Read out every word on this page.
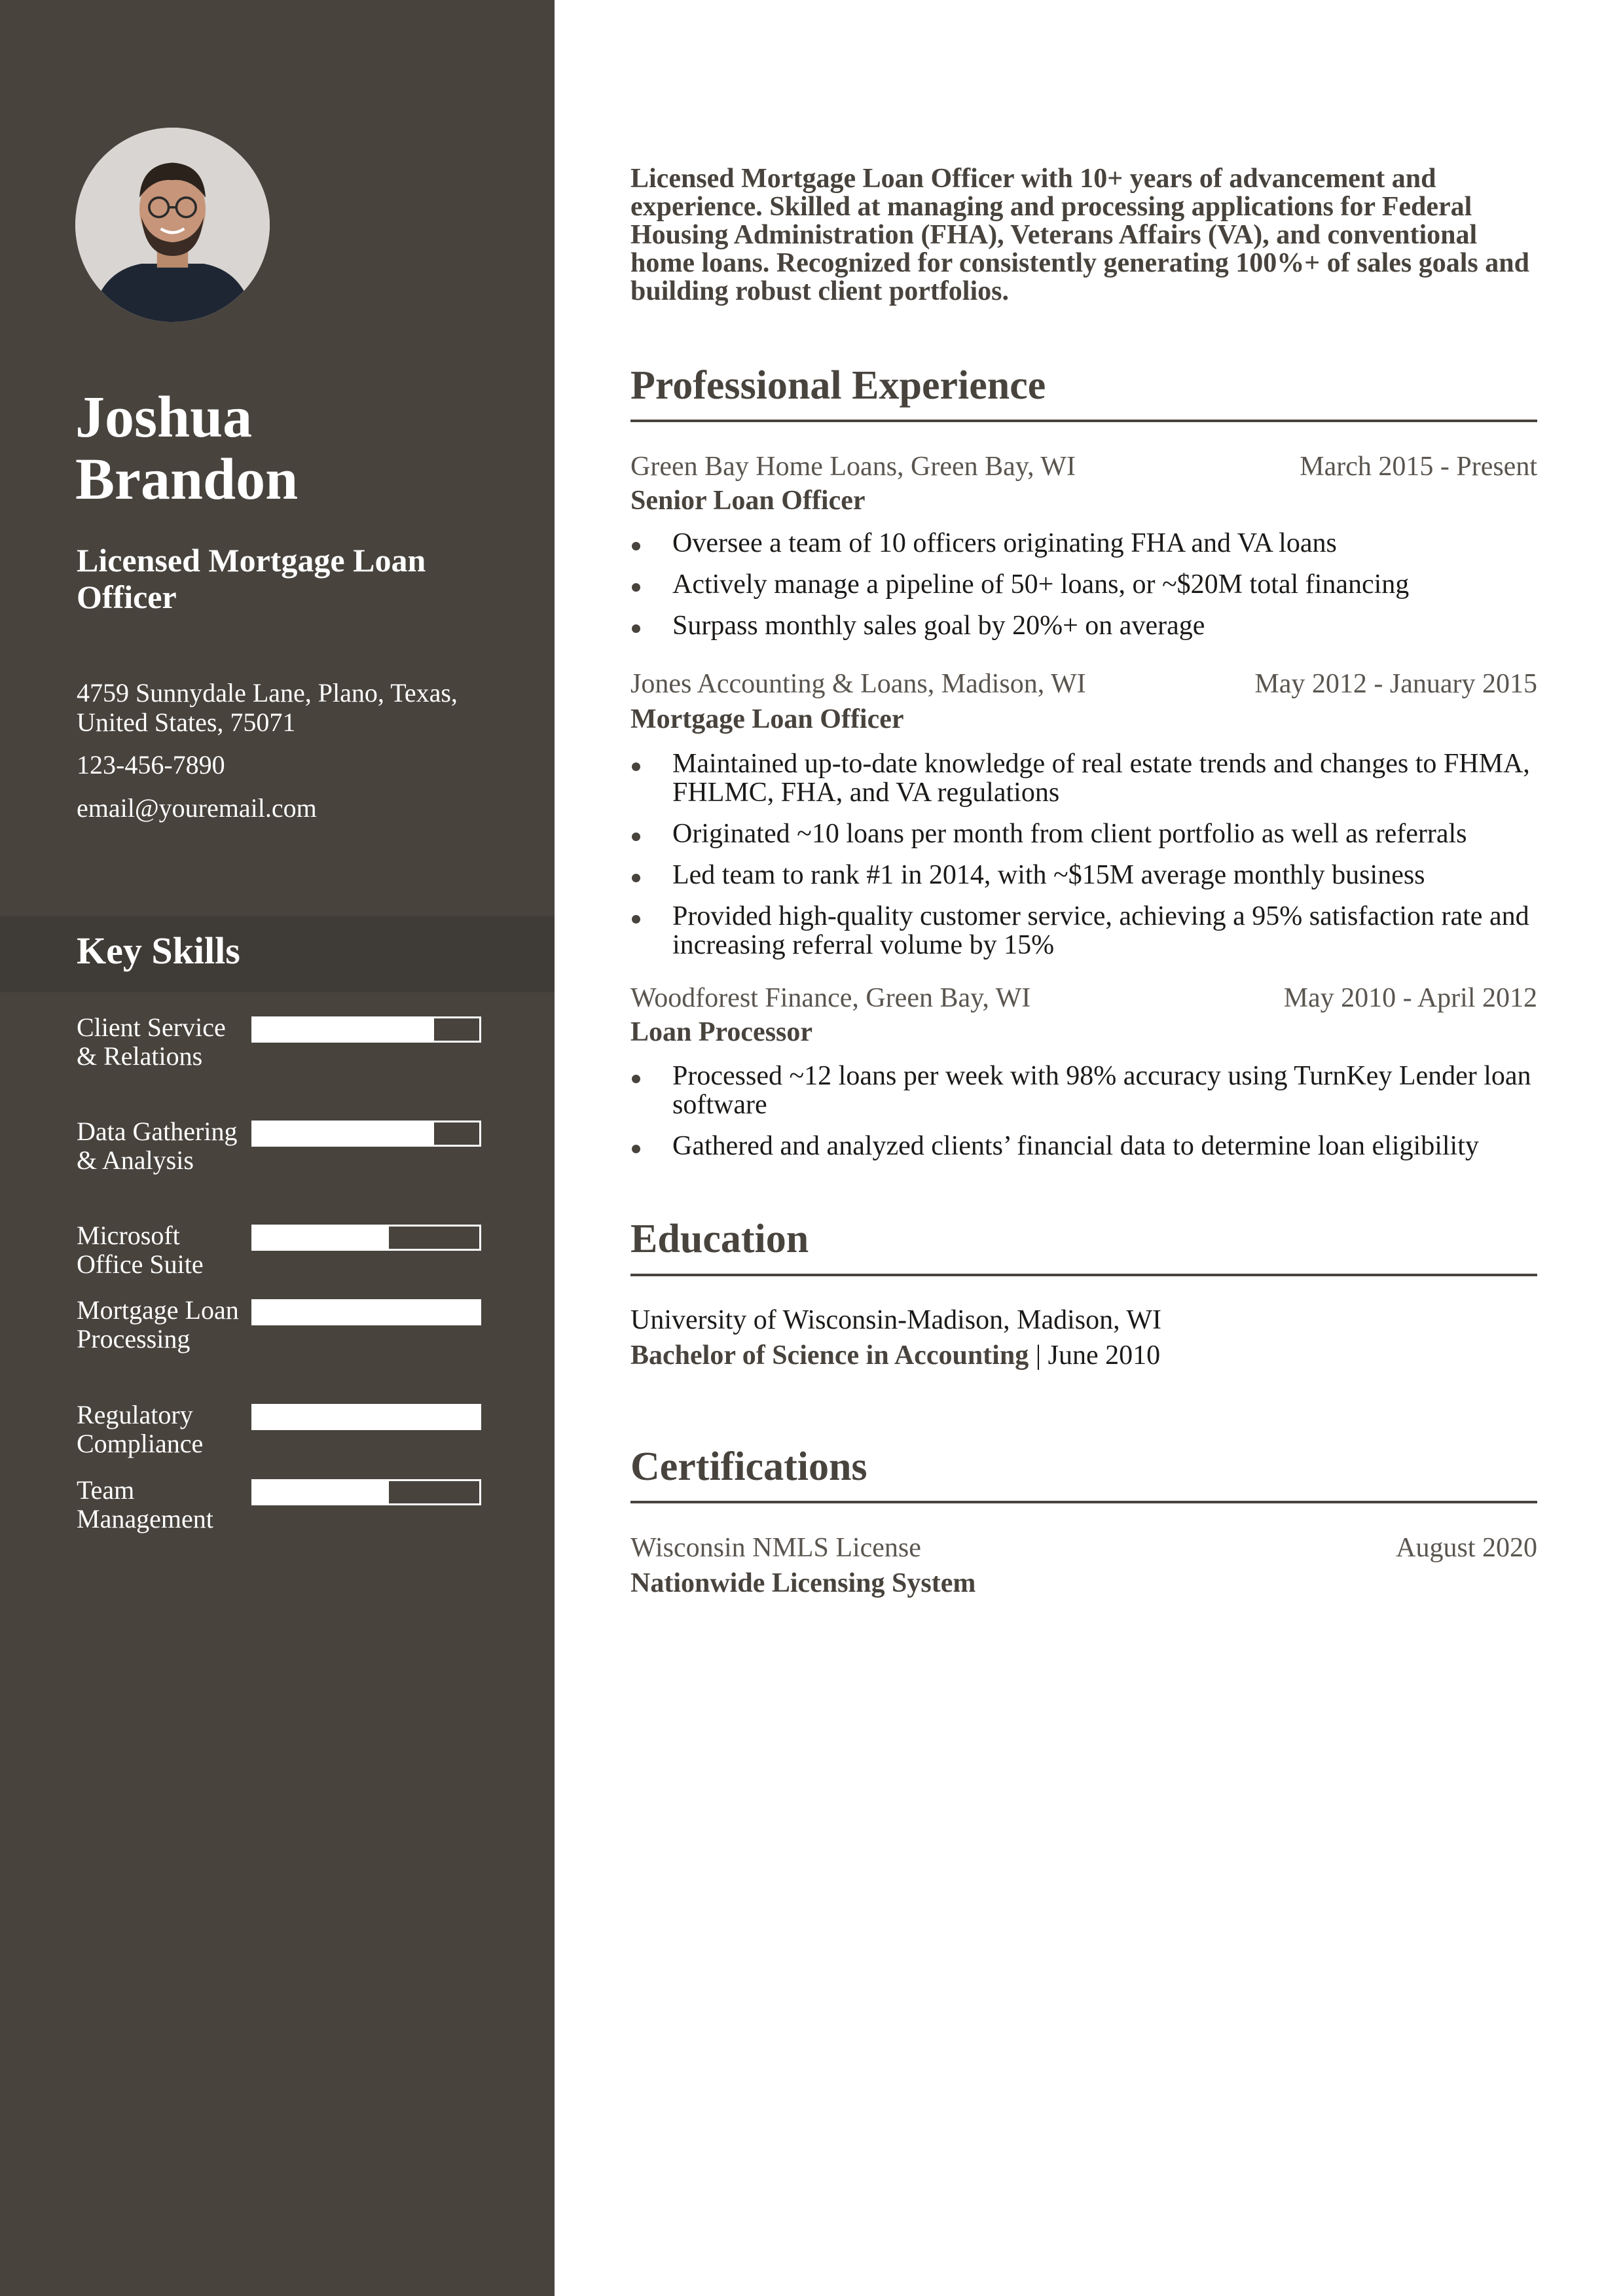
Joshua
Brandon
Licensed Mortgage Loan Officer
4759 Sunnydale Lane, Plano, Texas, United States, 75071
123-456-7890
email@youremail.com
Key Skills
Client Service & Relations
Data Gathering & Analysis
Microsoft Office Suite
Mortgage Loan Processing
Regulatory Compliance
Team Management
Licensed Mortgage Loan Officer with 10+ years of advancement and experience. Skilled at managing and processing applications for Federal Housing Administration (FHA), Veterans Affairs (VA), and conventional home loans. Recognized for consistently generating 100%+ of sales goals and building robust client portfolios.
Professional Experience
Green Bay Home Loans, Green Bay, WI	March 2015 - Present
Senior Loan Officer
Oversee a team of 10 officers originating FHA and VA loans
Actively manage a pipeline of 50+ loans, or ~$20M total financing
Surpass monthly sales goal by 20%+ on average
Jones Accounting & Loans, Madison, WI	May 2012 - January 2015
Mortgage Loan Officer
Maintained up-to-date knowledge of real estate trends and changes to FHMA, FHLMC, FHA, and VA regulations
Originated ~10 loans per month from client portfolio as well as referrals
Led team to rank #1 in 2014, with ~$15M average monthly business
Provided high-quality customer service, achieving a 95% satisfaction rate and increasing referral volume by 15%
Woodforest Finance, Green Bay, WI	May 2010 - April 2012
Loan Processor
Processed ~12 loans per week with 98% accuracy using TurnKey Lender loan software
Gathered and analyzed clients’ financial data to determine loan eligibility
Education
University of Wisconsin-Madison, Madison, WI
Bachelor of Science in Accounting | June 2010
Certifications
Wisconsin NMLS License	August 2020
Nationwide Licensing System
